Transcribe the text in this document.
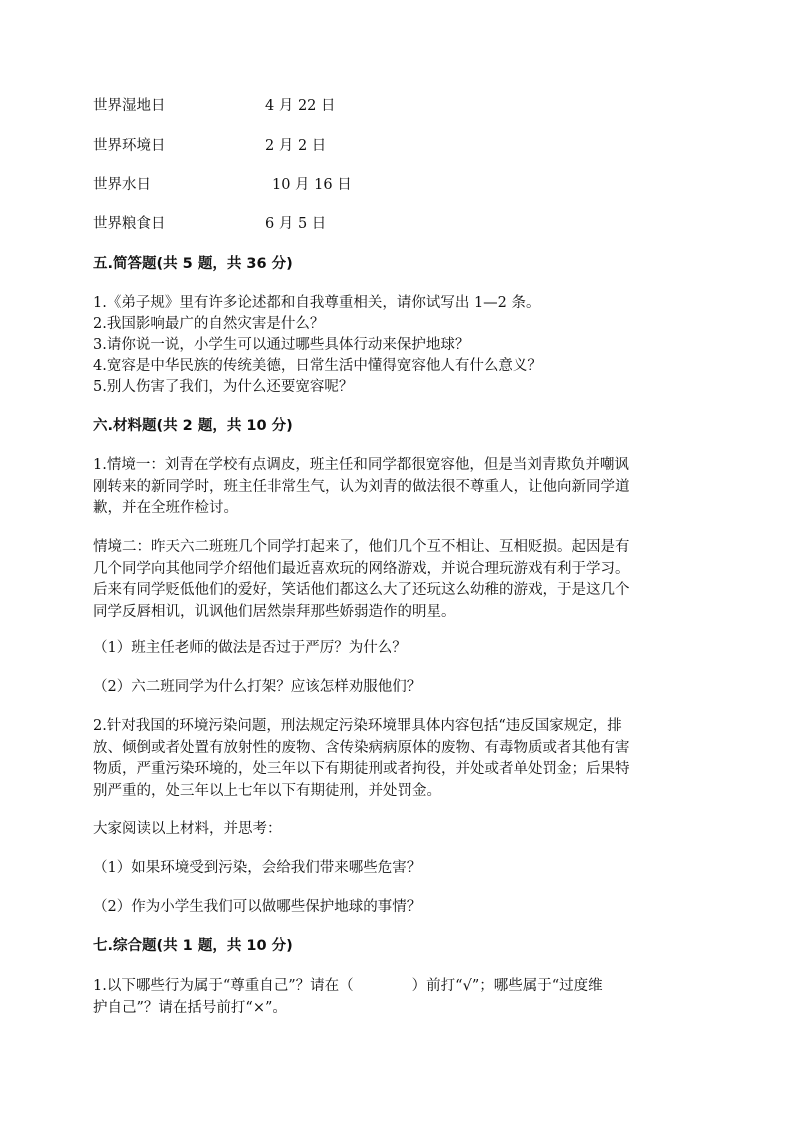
世界湿地日	4 月 22 日
世界环境日	2 月 2 日
世界水日	10 月 16 日
世界粮食日	6 月 5 日
五.简答题(共 5 题，共 36 分)
1.《弟子规》里有许多论述都和自我尊重相关，请你试写出 1—2 条。
2.我国影响最广的自然灾害是什么？
3.请你说一说，小学生可以通过哪些具体行动来保护地球？
4.宽容是中华民族的传统美德，日常生活中懂得宽容他人有什么意义？
5.别人伤害了我们，为什么还要宽容呢？
六.材料题(共 2 题，共 10 分)
1.情境一：刘青在学校有点调皮，班主任和同学都很宽容他，但是当刘青欺负并嘲讽
刚转来的新同学时，班主任非常生气，认为刘青的做法很不尊重人，让他向新同学道
歉，并在全班作检讨。
情境二：昨天六二班班几个同学打起来了，他们几个互不相让、互相贬损。起因是有
几个同学向其他同学介绍他们最近喜欢玩的网络游戏，并说合理玩游戏有利于学习。
后来有同学贬低他们的爱好，笑话他们都这么大了还玩这么幼稚的游戏，于是这几个
同学反唇相讥，讥讽他们居然崇拜那些娇弱造作的明星。
（1）班主任老师的做法是否过于严厉？为什么？
（2）六二班同学为什么打架？应该怎样劝服他们？
2.针对我国的环境污染问题，刑法规定污染环境罪具体内容包括“违反国家规定，排
放、倾倒或者处置有放射性的废物、含传染病病原体的废物、有毒物质或者其他有害
物质，严重污染环境的，处三年以下有期徒刑或者拘役，并处或者单处罚金；后果特
别严重的，处三年以上七年以下有期徒刑，并处罚金。
大家阅读以上材料，并思考：
（1）如果环境受到污染，会给我们带来哪些危害？
（2）作为小学生我们可以做哪些保护地球的事情？
七.综合题(共 1 题，共 10 分)
1.以下哪些行为属于“尊重自己”？请在（	）前打“√”；哪些属于“过度维
护自己”？请在括号前打“×”。
